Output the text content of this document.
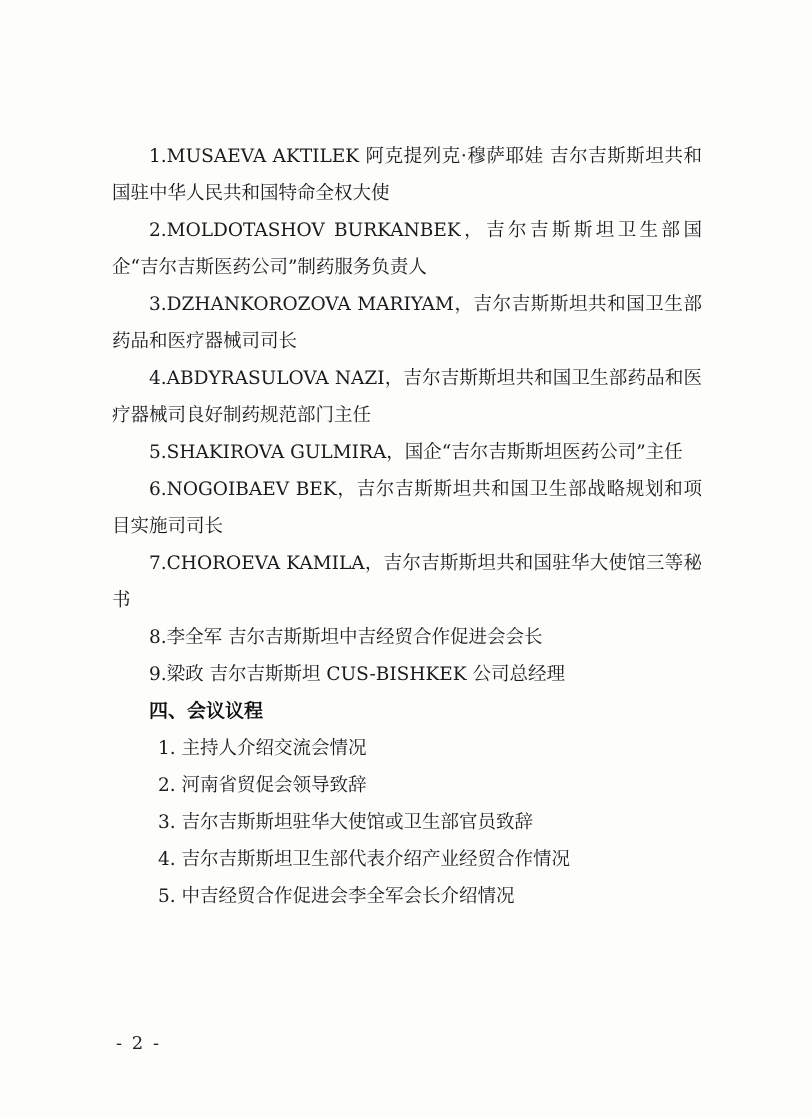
1.MUSAEVA AKTILEK 阿克提列克·穆萨耶娃 吉尔吉斯斯坦共和国驻中华人民共和国特命全权大使

2.MOLDOTASHOV BURKANBEK，吉尔吉斯斯坦卫生部国企“吉尔吉斯医药公司”制药服务负责人

3.DZHANKOROZOVA MARIYAM，吉尔吉斯斯坦共和国卫生部药品和医疗器械司司长

4.ABDYRASULOVA NAZI，吉尔吉斯斯坦共和国卫生部药品和医疗器械司良好制药规范部门主任

5.SHAKIROVA GULMIRA，国企“吉尔吉斯斯坦医药公司”主任

6.NOGOIBAEV BEK，吉尔吉斯斯坦共和国卫生部战略规划和项目实施司司长

7.CHOROEVA KAMILA，吉尔吉斯斯坦共和国驻华大使馆三等秘书

8.李全军 吉尔吉斯斯坦中吉经贸合作促进会会长

9.梁政 吉尔吉斯斯坦 CUS-BISHKEK 公司总经理

四、会议议程

1. 主持人介绍交流会情况

2. 河南省贸促会领导致辞

3. 吉尔吉斯斯坦驻华大使馆或卫生部官员致辞

4. 吉尔吉斯斯坦卫生部代表介绍产业经贸合作情况

5. 中吉经贸合作促进会李全军会长介绍情况

- 2 -
